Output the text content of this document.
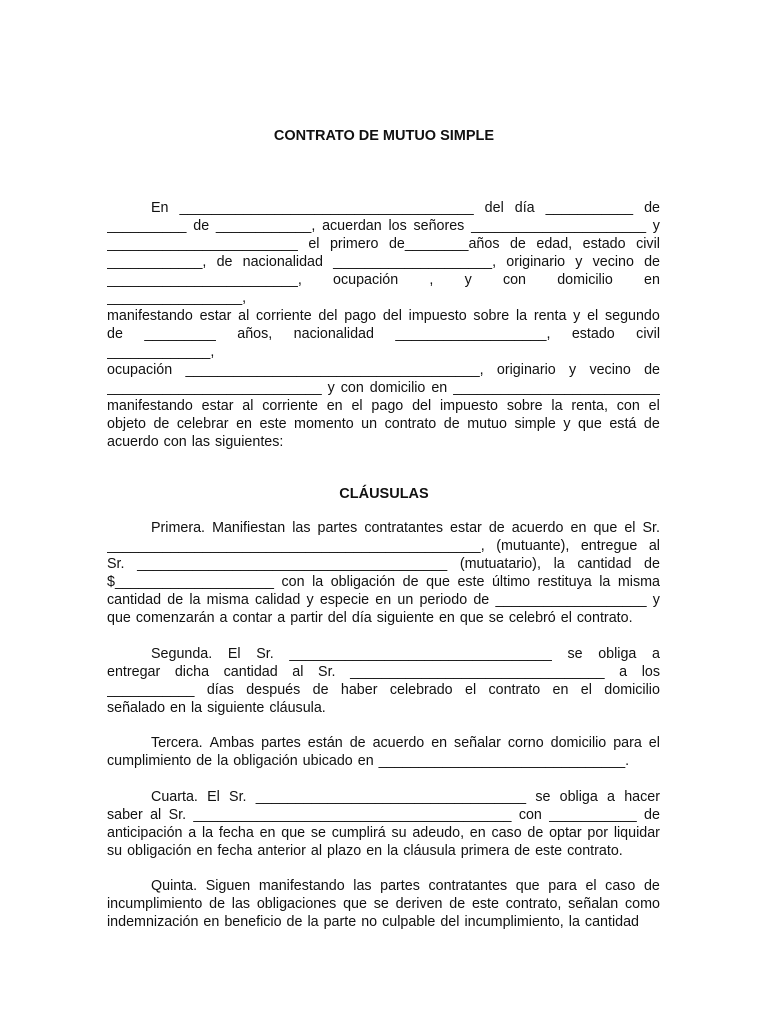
CONTRATO DE MUTUO SIMPLE
En _____________________________________ del día ___________ de
__________ de ____________, acuerdan los señores ______________________ y
________________________ el primero de________años de edad, estado civil
____________, de nacionalidad ____________________, originario y vecino de
________________________, ocupación , y con domicilio en
_________________,
manifestando estar al corriente del pago del impuesto sobre la renta y el segundo
de _________ años, nacionalidad ___________________, estado civil
_____________,
ocupación _____________________________________, originario y vecino de
___________________________ y con domicilio en __________________________
manifestando estar al corriente en el pago del impuesto sobre la renta, con el
objeto de celebrar en este momento un contrato de mutuo simple y que está de
acuerdo con las siguientes:
CLÁUSULAS
Primera. Manifiestan las partes contratantes estar de acuerdo en que el Sr.
_______________________________________________, (mutuante), entregue al
Sr. _______________________________________ (mutuatario), la cantidad de
$____________________ con la obligación de que este último restituya la misma
cantidad de la misma calidad y especie en un periodo de ___________________ y
que comenzarán a contar a partir del día siguiente en que se celebró el contrato.
Segunda. El Sr. _________________________________ se obliga a
entregar dicha cantidad al Sr. ________________________________ a los
___________ días después de haber celebrado el contrato en el domicilio
señalado en la siguiente cláusula.
Tercera. Ambas partes están de acuerdo en señalar corno domicilio para el
cumplimiento de la obligación ubicado en _______________________________.
Cuarta. El Sr. __________________________________ se obliga a hacer
saber al Sr. ________________________________________ con ___________ de
anticipación a la fecha en que se cumplirá su adeudo, en caso de optar por liquidar
su obligación en fecha anterior al plazo en la cláusula primera de este contrato.
Quinta. Siguen manifestando las partes contratantes que para el caso de
incumplimiento de las obligaciones que se deriven de este contrato, señalan como
indemnización en beneficio de la parte no culpable del incumplimiento, la cantidad
